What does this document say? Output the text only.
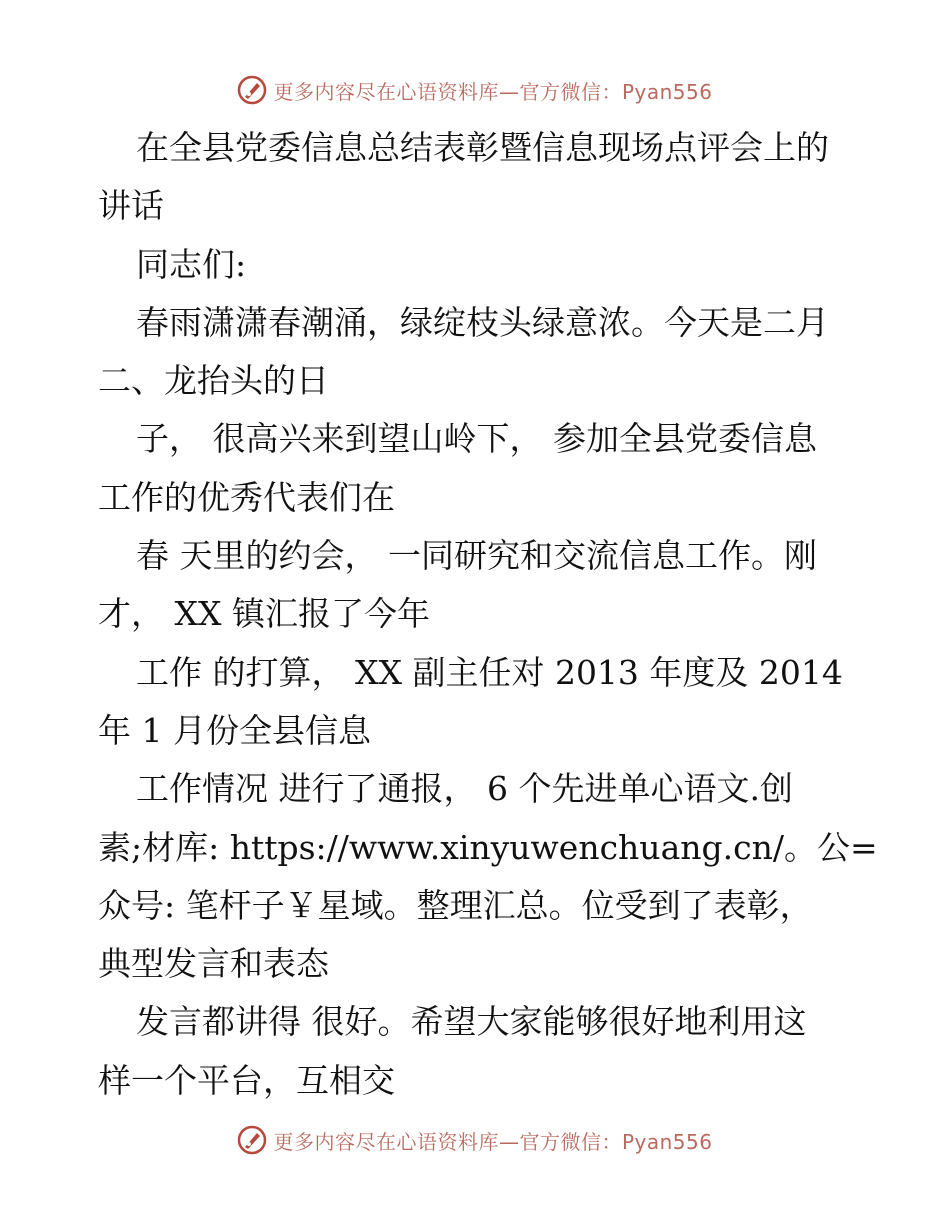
更多内容尽在心语资料库—官方微信：Pyan556
在全县党委信息总结表彰暨信息现场点评会上的
讲话
同志们:
春雨潇潇春潮涌，绿绽枝头绿意浓。今天是二月
二、龙抬头的日
子， 很高兴来到望山岭下， 参加全县党委信息
工作的优秀代表们在
春 天里的约会， 一同研究和交流信息工作。刚
才， XX 镇汇报了今年
工作 的打算， XX 副主任对 2013 年度及 2014
年 1 月份全县信息
工作情况 进行了通报， 6 个先进单心语文.创
素;材库: https://www.xinyuwenchuang.cn/。公=
众号: 笔杆子￥星域。整理汇总。位受到了表彰，
典型发言和表态
发言都讲得 很好。希望大家能够很好地利用这
样一个平台，互相交
更多内容尽在心语资料库—官方微信：Pyan556
